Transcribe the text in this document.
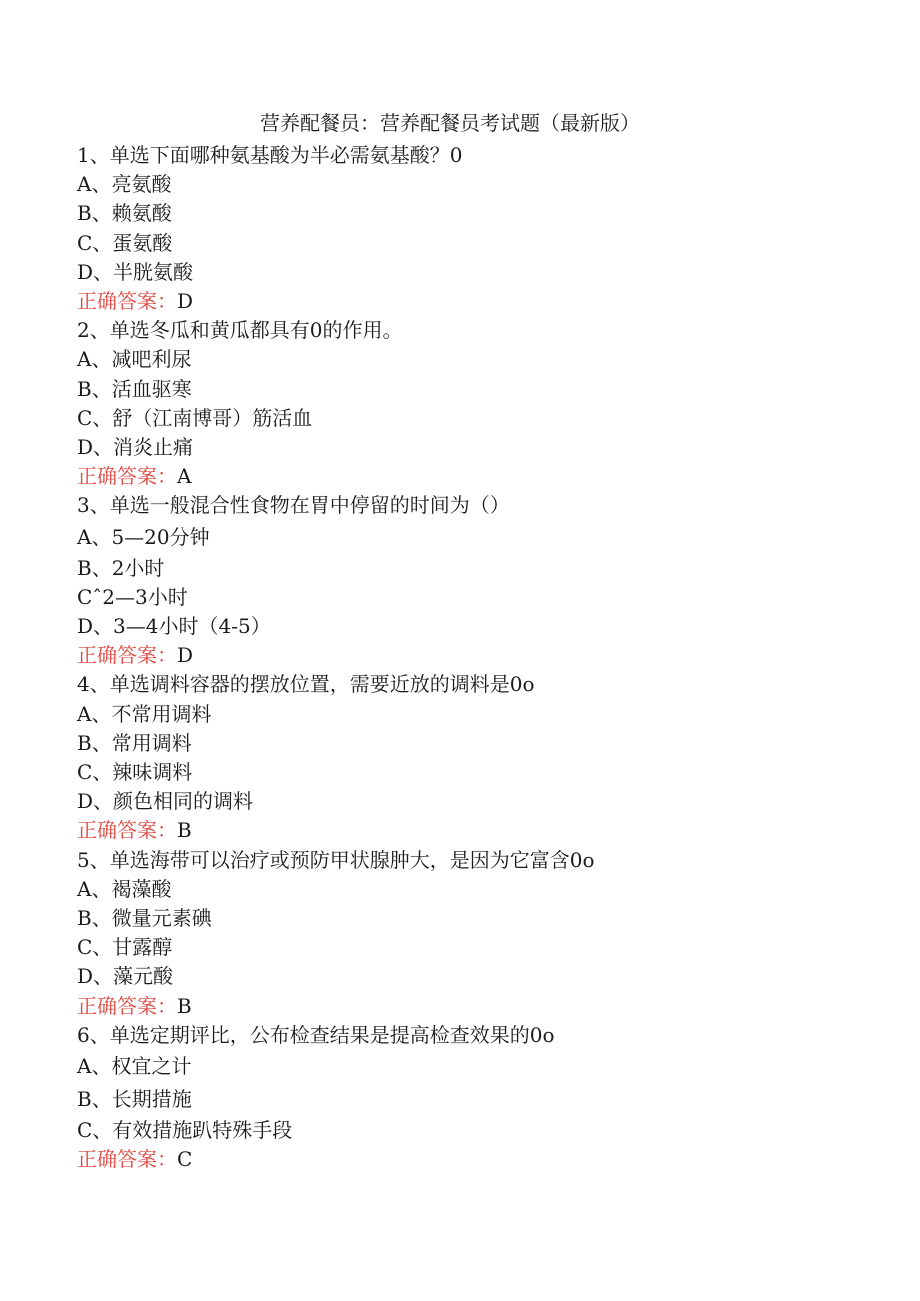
营养配餐员：营养配餐员考试题（最新版）
1、单选下面哪种氨基酸为半必需氨基酸？0
A、亮氨酸
B、赖氨酸
C、蛋氨酸
D、半胱氨酸
正确答案：D
2、单选冬瓜和黄瓜都具有0的作用。
A、减吧利尿
B、活血驱寒
C、舒（江南博哥）筋活血
D、消炎止痛
正确答案：A
3、单选一般混合性食物在胃中停留的时间为（）
A、5—20分钟
B、2小时
Cˆ2—3小时
D、3—4小时（4-5）
正确答案：D
4、单选调料容器的摆放位置，需要近放的调料是0o
A、不常用调料
B、常用调料
C、辣味调料
D、颜色相同的调料
正确答案：B
5、单选海带可以治疗或预防甲状腺肿大，是因为它富含0o
A、褐藻酸
B、微量元素碘
C、甘露醇
D、藻元酸
正确答案：B
6、单选定期评比，公布检查结果是提高检查效果的0o
A、权宜之计
B、长期措施
C、有效措施趴特殊手段
正确答案：C
